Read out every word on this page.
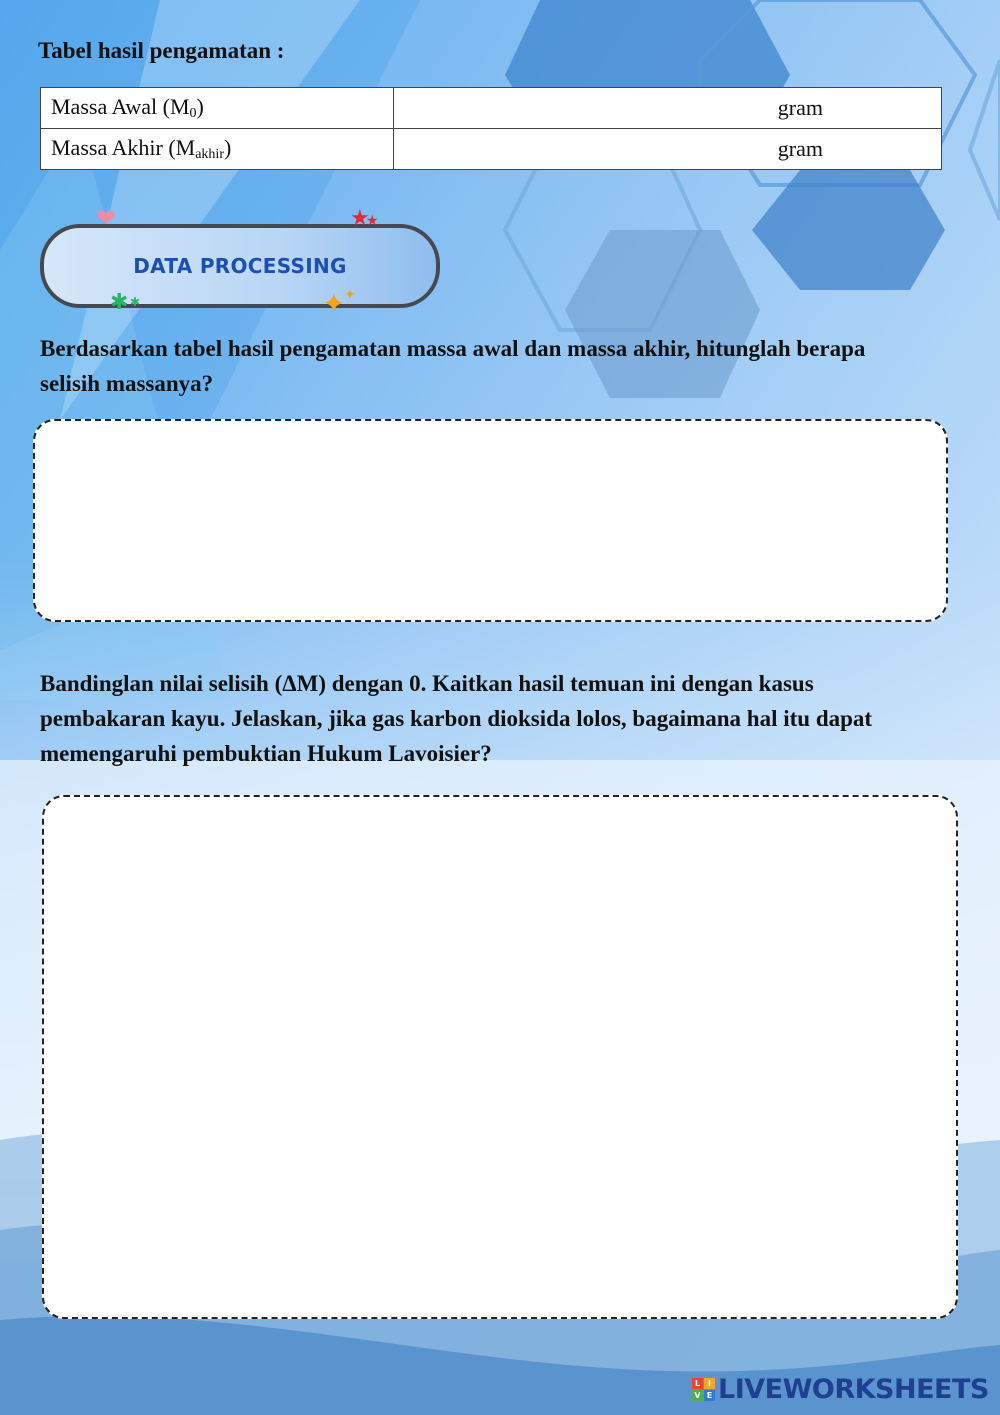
Tabel hasil pengamatan :
Massa Awal $(M_0)$	gram
Massa Akhir $(M_{akhir})$	gram
DATA PROCESSING
❤	★
★
✱ ✱	✦
✦
Berdasarkan tabel hasil pengamatan massa awal dan massa akhir, hitunglah berapa selisih massanya?
Bandinglan nilai selisih (ΔM) dengan 0. Kaitkan hasil temuan ini dengan kasus pembakaran kayu. Jelaskan, jika gas karbon dioksida lolos, bagaimana hal itu dapat memengaruhi pembuktian Hukum Lavoisier?
L I
V E LIVEWORKSHEETS
